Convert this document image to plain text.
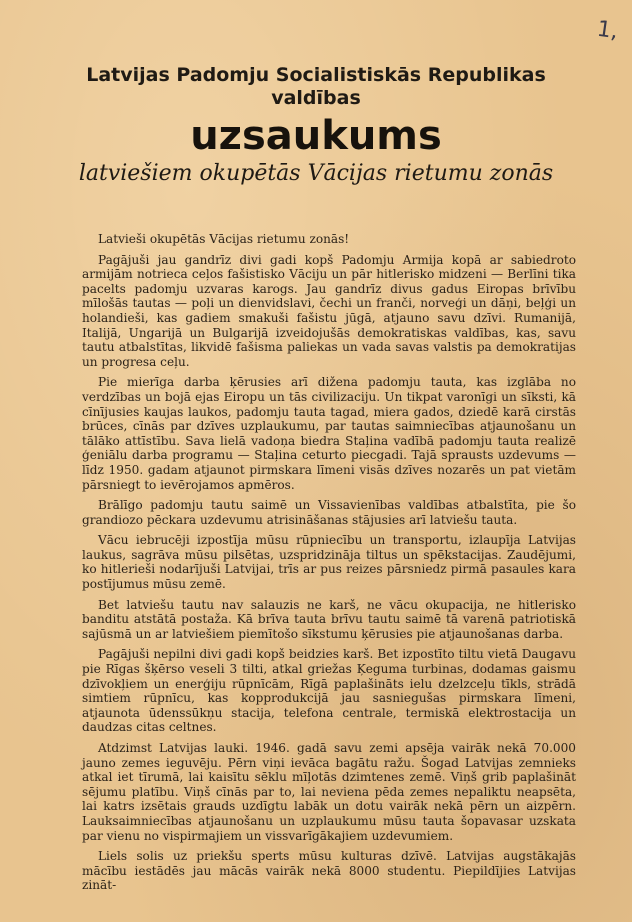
1,
Latvijas Padomju Socialistiskās Republikas
valdības
uzsaukums
latviešiem okupētās Vācijas rietumu zonās

Latvieši okupētās Vācijas rietumu zonās!

Pagājuši jau gandrīz divi gadi kopš Padomju Armija kopā ar sabiedroto armijām notrieca ceļos fašistisko Vāciju un pār hitlerisko midzeni — Berlīni tika pacelts padomju uzvaras karogs. Jau gandrīz divus gadus Eiropas brīvību mīlošās tautas — poļi un dienvidslavi, čechi un franči, norveģi un dāņi, beļģi un holandieši, kas gadiem smakuši fašistu jūgā, atjauno savu dzīvi. Rumanijā, Italijā, Ungarijā un Bulgarijā izveidojušās demokratiskas valdības, kas, savu tautu atbalstītas, likvidē fašisma paliekas un vada savas valstis pa demokratijas un progresa ceļu.

Pie mierīga darba ķērusies arī dižena padomju tauta, kas izglāba no verdzības un bojā ejas Eiropu un tās civilizaciju. Un tikpat varonīgi un sīksti, kā cīnījusies kaujas laukos, padomju tauta tagad, miera gados, dziedē karā cirstās brūces, cīnās par dzīves uzplaukumu, par tautas saimniecības atjaunošanu un tālāko attīstību. Sava lielā vadoņa biedra Staļina vadībā padomju tauta realizē ģeniālu darba programu — Staļina ceturto piecgadi. Tajā sprausts uzdevums — līdz 1950. gadam atjaunot pirmskara līmeni visās dzīves nozarēs un pat vietām pārsniegt to ievērojamos apmēros.

Brālīgo padomju tautu saimē un Vissavienības valdības atbalstīta, pie šo grandiozo pēckara uzdevumu atrisināšanas stājusies arī latviešu tauta.

Vācu iebrucēji izpostīja mūsu rūpniecību un transportu, izlaupīja Latvijas laukus, sagrāva mūsu pilsētas, uzspridzināja tiltus un spēkstacijas. Zaudējumi, ko hitlerieši nodarījuši Latvijai, trīs ar pus reizes pārsniedz pirmā pasaules kara postījumus mūsu zemē.

Bet latviešu tautu nav salauzis ne karš, ne vācu okupacija, ne hitlerisko banditu atstātā postaža. Kā brīva tauta brīvu tautu saimē tā varenā patriotiskā sajūsmā un ar latviešiem piemītošo sīkstumu ķērusies pie atjaunošanas darba.

Pagājuši nepilni divi gadi kopš beidzies karš. Bet izpostīto tiltu vietā Daugavu pie Rīgas šķērso veseli 3 tilti, atkal griežas Ķeguma turbinas, dodamas gaismu dzīvokļiem un enerģiju rūpnīcām, Rīgā paplašināts ielu dzelzceļu tīkls, strādā simtiem rūpnīcu, kas kopprodukcijā jau sasniegušas pirmskara līmeni, atjaunota ūdenssūkņu stacija, telefona centrale, termiskā elektrostacija un daudzas citas celtnes.

Atdzimst Latvijas lauki. 1946. gadā savu zemi apsēja vairāk nekā 70.000 jauno zemes ieguvēju. Pērn viņi ievāca bagātu ražu. Šogad Latvijas zemnieks atkal iet tīrumā, lai kaisītu sēklu mīļotās dzimtenes zemē. Viņš grib paplašināt sējumu platību. Viņš cīnās par to, lai neviena pēda zemes nepaliktu neapsēta, lai katrs izsētais grauds uzdīgtu labāk un dotu vairāk nekā pērn un aizpērn. Lauksaimniecības atjaunošanu un uzplaukumu mūsu tauta šopavasar uzskata par vienu no vispirmajiem un vissvarīgākajiem uzdevumiem.

Liels solis uz priekšu sperts mūsu kulturas dzīvē. Latvijas augstākajās mācību iestādēs jau mācās vairāk nekā 8000 studentu. Piepildījies Latvijas zināt-
